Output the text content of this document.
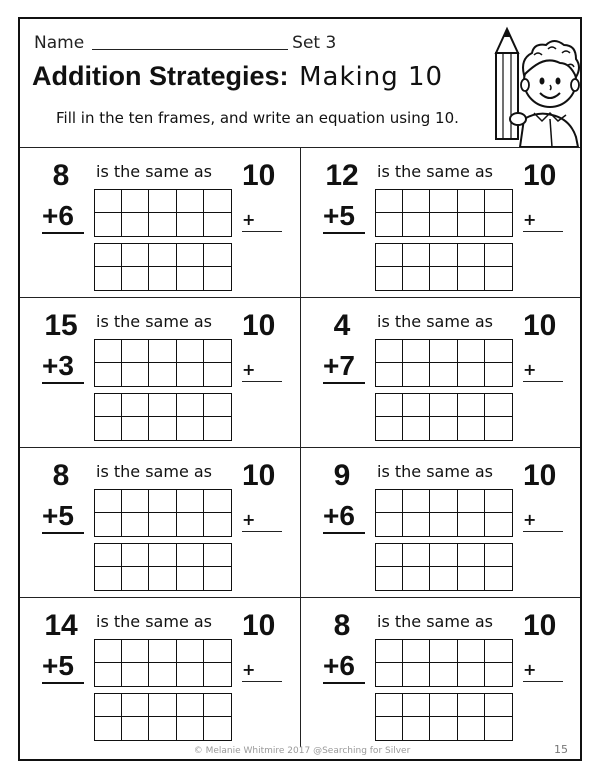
Name	Set 3
Addition Strategies: Making 10
Fill in the ten frames, and write an equation using 10.
8	is the same as 10
+6	+
12 is the same as 10
+5	+
15 is the same as 10
+3	+
4	is the same as 10
+7	+
8	is the same as 10
+5	+
9	is the same as 10
+6	+
14 is the same as 10
+5	+
8	is the same as 10
+6	+
© Melanie Whitmire 2017 @Searching for Silver	15
